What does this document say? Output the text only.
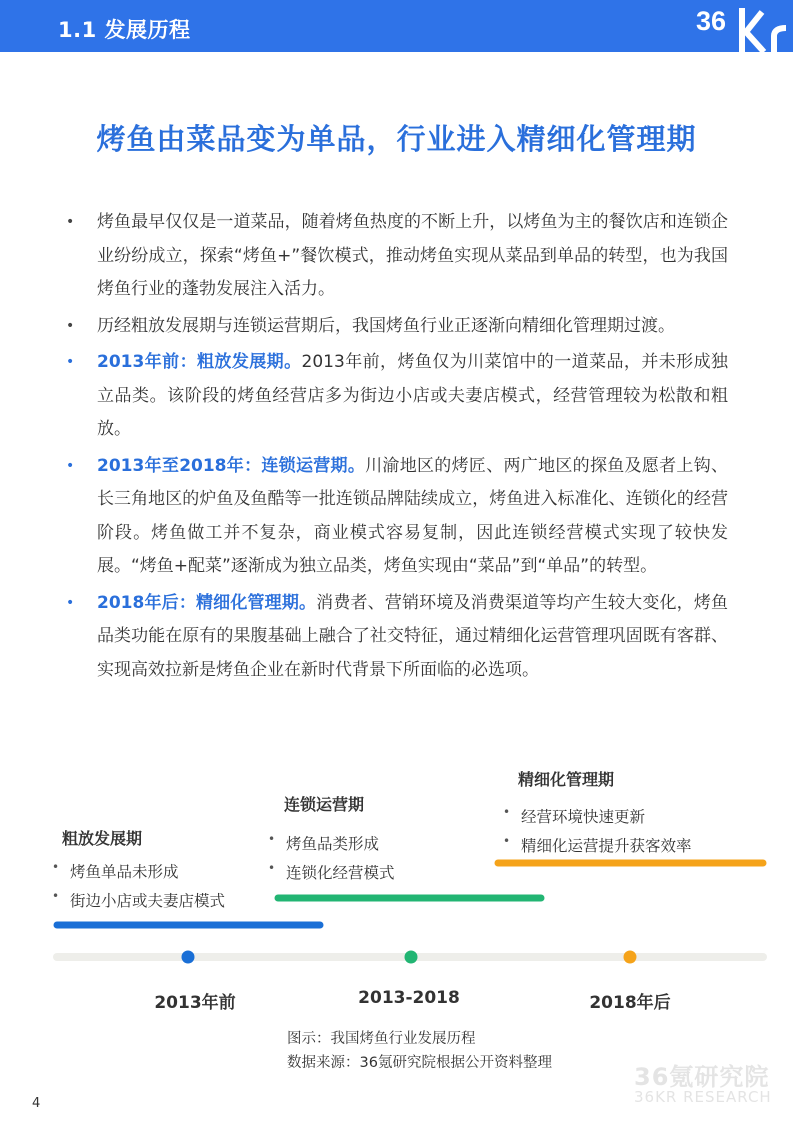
1.1 发展历程	36
烤鱼由菜品变为单品，行业进入精细化管理期
• 烤鱼最早仅仅是一道菜品，随着烤鱼热度的不断上升，以烤鱼为主的餐饮店和连锁企业纷纷成立，探索“烤鱼+”餐饮模式，推动烤鱼实现从菜品到单品的转型，也为我国烤鱼行业的蓬勃发展注入活力。
• 历经粗放发展期与连锁运营期后，我国烤鱼行业正逐渐向精细化管理期过渡。
• 2013年前：粗放发展期。2013年前，烤鱼仅为川菜馆中的一道菜品，并未形成独立品类。该阶段的烤鱼经营店多为街边小店或夫妻店模式，经营管理较为松散和粗放。
• 2013年至2018年：连锁运营期。川渝地区的烤匠、两广地区的探鱼及愿者上钩、长三角地区的炉鱼及鱼酷等一批连锁品牌陆续成立，烤鱼进入标准化、连锁化的经营阶段。烤鱼做工并不复杂，商业模式容易复制，因此连锁经营模式实现了较快发展。“烤鱼+配菜”逐渐成为独立品类，烤鱼实现由“菜品”到“单品”的转型。
• 2018年后：精细化管理期。消费者、营销环境及消费渠道等均产生较大变化，烤鱼品类功能在原有的果腹基础上融合了社交特征，通过精细化运营管理巩固既有客群、实现高效拉新是烤鱼企业在新时代背景下所面临的必选项。
粗放发展期
• 烤鱼单品未形成
• 街边小店或夫妻店模式
连锁运营期
• 烤鱼品类形成
• 连锁化经营模式
精细化管理期
• 经营环境快速更新
• 精细化运营提升获客效率
2013年前	2013-2018	2018年后
图示：我国烤鱼行业发展历程
数据来源：36氪研究院根据公开资料整理	36氪研究院
36KR RESEARCH
4
